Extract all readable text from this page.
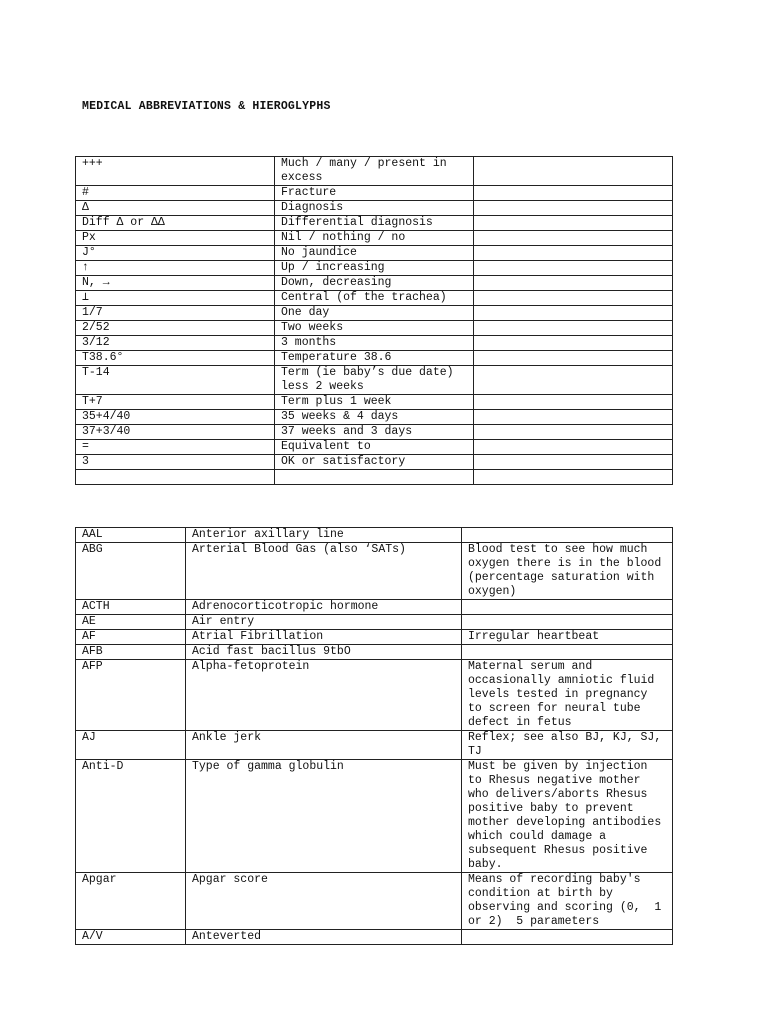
MEDICAL ABBREVIATIONS & HIEROGLYPHS
+++	Much / many / present in excess	
#	Fracture	
Δ	Diagnosis	
Diff Δ or ΔΔ	Differential diagnosis	
Px	Nil / nothing / no	
J°	No jaundice	
↑	Up / increasing	
N, →	Down, decreasing	
⊥	Central (of the trachea)	
1/7	One day	
2/52	Two weeks	
3/12	3 months	
T38.6°	Temperature 38.6	
T-14	Term (ie baby’s due date) less 2 weeks	
T+7	Term plus 1 week	
35+4/40	35 weeks & 4 days	
37+3/40	37 weeks and 3 days	
=	Equivalent to	
3	OK or satisfactory	

AAL	Anterior axillary line	
ABG	Arterial Blood Gas (also ‘SATs)	Blood test to see how much oxygen there is in the blood (percentage saturation with oxygen)
ACTH	Adrenocorticotropic hormone	
AE	Air entry	
AF	Atrial Fibrillation	Irregular heartbeat
AFB	Acid fast bacillus 9tbO	
AFP	Alpha-fetoprotein	Maternal serum and occasionally amniotic fluid levels tested in pregnancy to screen for neural tube defect in fetus
AJ	Ankle jerk	Reflex; see also BJ, KJ, SJ, TJ
Anti-D	Type of gamma globulin	Must be given by injection to Rhesus negative mother who delivers/aborts Rhesus positive baby to prevent mother developing antibodies which could damage a subsequent Rhesus positive baby.
Apgar	Apgar score	Means of recording baby's condition at birth by observing and scoring (0,  1 or 2)  5 parameters

A/V	Anteverted	
